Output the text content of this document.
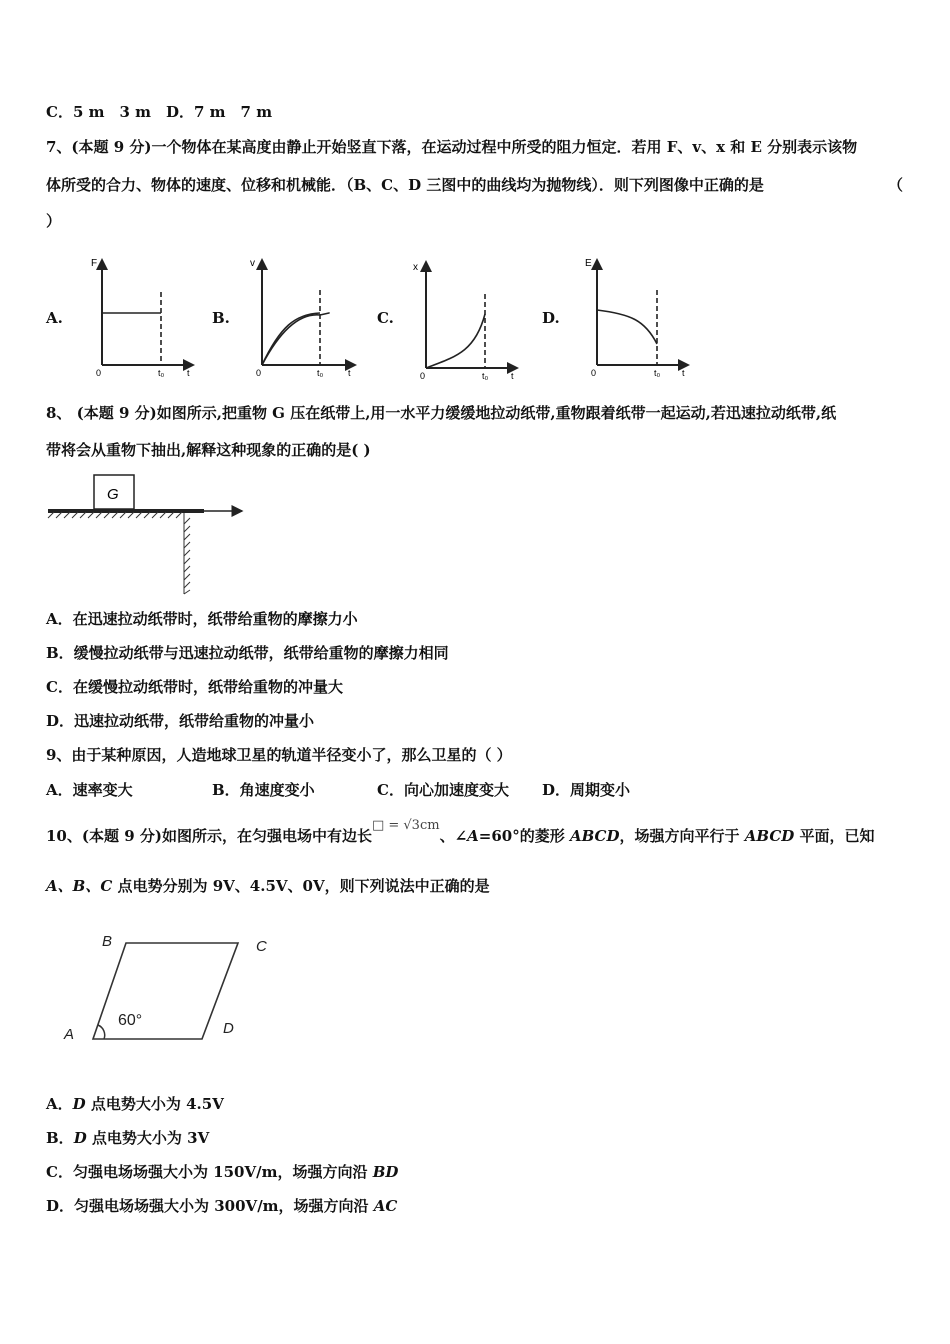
C．5 m　3 m　D．7 m　7 m
7、(本题 9 分)一个物体在某高度由静止开始竖直下落，在运动过程中所受的阻力恒定．若用 F、v、x 和 E 分别表示该物
体所受的合力、物体的速度、位移和机械能．（B、C、D 三图中的曲线均为抛物线）．则下列图像中正确的是	（
）
A.	B.	C.	D.
F
0	t₀	t
v
0	t₀	t
x
0	t₀	t
E
0	t₀ t
8、 (本题 9 分)如图所示,把重物 G 压在纸带上,用一水平力缓缓地拉动纸带,重物跟着纸带一起运动,若迅速拉动纸带,纸
带将会从重物下抽出,解释这种现象的正确的是( )
G
A．在迅速拉动纸带时，纸带给重物的摩擦力小
B．缓慢拉动纸带与迅速拉动纸带，纸带给重物的摩擦力相同
C．在缓慢拉动纸带时，纸带给重物的冲量大
D．迅速拉动纸带，纸带给重物的冲量小
9、由于某种原因，人造地球卫星的轨道半径变小了，那么卫星的（ ）
A．速率变大	B．角速度变小	C．向心加速度变大 D．周期变小
10、(本题 9 分)如图所示，在匀强电场中有边长□ = √3cm、∠A=60°的菱形 ABCD，场强方向平行于 ABCD 平面，已知
A、B、C 点电势分别为 9V、4.5V、0V，则下列说法中正确的是
B	C
A	D
60°
A．D 点电势大小为 4.5V
B．D 点电势大小为 3V
C．匀强电场场强大小为 150V/m，场强方向沿 BD
D．匀强电场场强大小为 300V/m，场强方向沿 AC
